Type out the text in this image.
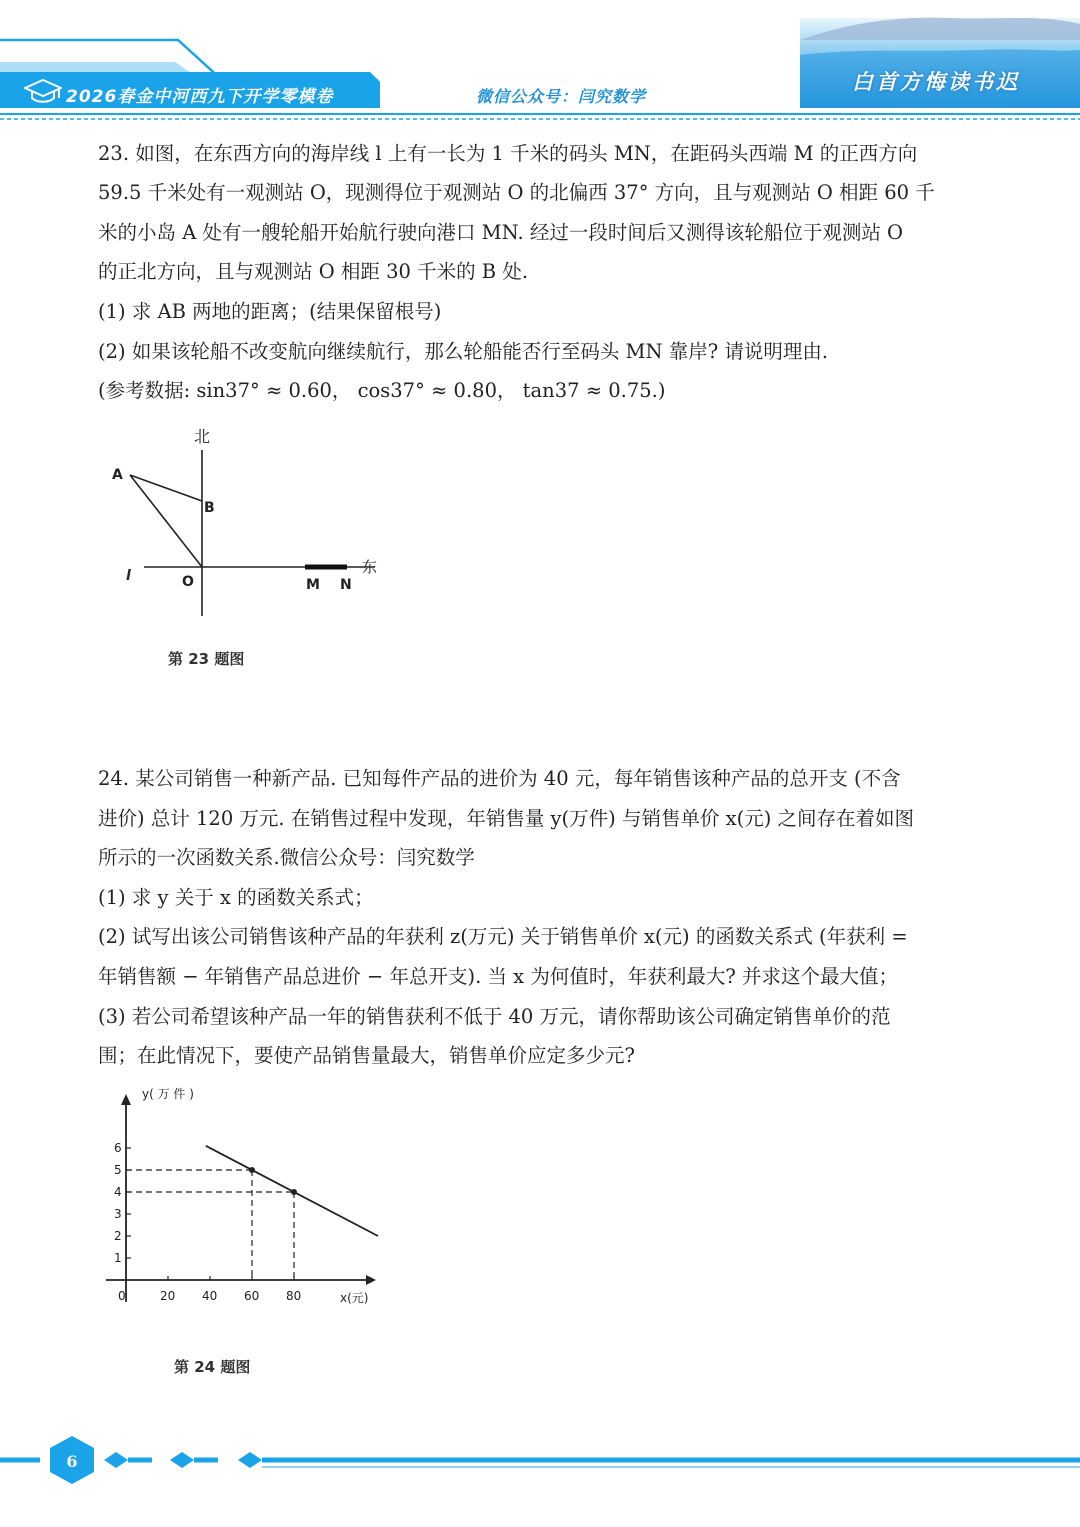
2026春金中河西九下开学零模卷	微信公众号：闫究数学
白首方悔读书迟
23. 如图，在东西方向的海岸线 l 上有一长为 1 千米的码头 MN，在距码头西端 M 的正西方向
59.5 千米处有一观测站 O，现测得位于观测站 O 的北偏西 37° 方向，且与观测站 O 相距 60 千
米的小岛 A 处有一艘轮船开始航行驶向港口 MN. 经过一段时间后又测得该轮船位于观测站 O
的正北方向，且与观测站 O 相距 30 千米的 B 处.
(1) 求 AB 两地的距离；(结果保留根号)
(2) 如果该轮船不改变航向继续航行，那么轮船能否行至码头 MN 靠岸? 请说明理由.
(参考数据: sin37° ≈ 0.60， cos37° ≈ 0.80， tan37 ≈ 0.75.)
北
东
A
B
O	M N
l
第 23 题图
24. 某公司销售一种新产品. 已知每件产品的进价为 40 元，每年销售该种产品的总开支 (不含
进价) 总计 120 万元. 在销售过程中发现，年销售量 y(万件) 与销售单价 x(元) 之间存在着如图
所示的一次函数关系.微信公众号：闫究数学
(1) 求 y 关于 x 的函数关系式；
(2) 试写出该公司销售该种产品的年获利 z(万元) 关于销售单价 x(元) 的函数关系式 (年获利 =
年销售额 − 年销售产品总进价 − 年总开支). 当 x 为何值时，年获利最大? 并求这个最大值；
(3) 若公司希望该种产品一年的销售获利不低于 40 万元，请你帮助该公司确定销售单价的范
围；在此情况下，要使产品销售量最大，销售单价应定多少元?
y( 万 件 )
x(元)
1
2
3
4
5
6
0	20 40 60 80
第 24 题图
6
